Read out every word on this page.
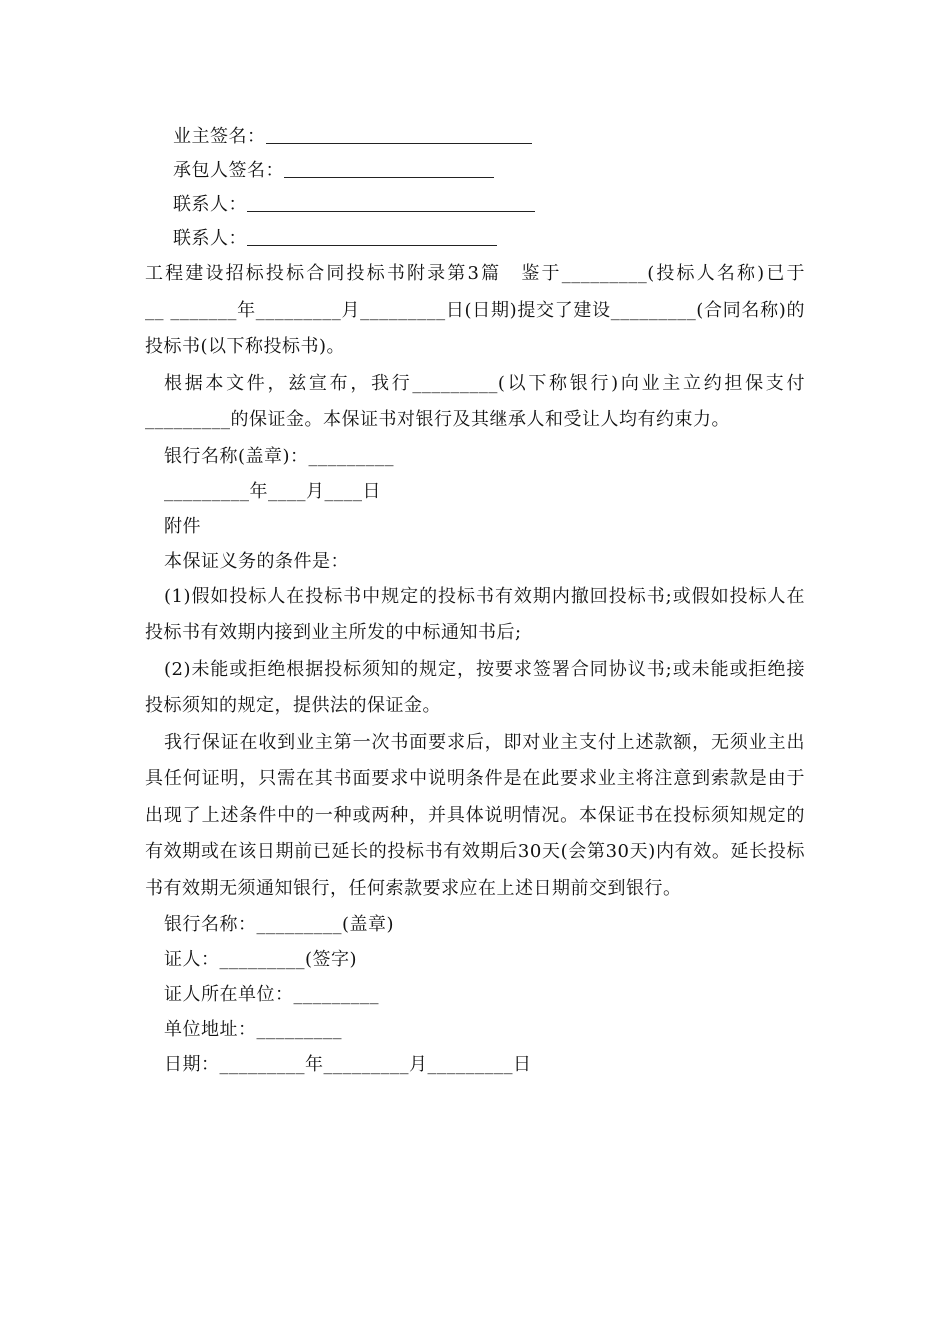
业主签名：
承包人签名：
联系人：
联系人：

工程建设招标投标合同投标书附录第3篇　鉴于_________(投标人名称)已于__ _______年_________月_________日(日期)提交了建设_________(合同名称)的投标书(以下称投标书)。

根据本文件，兹宣布，我行_________(以下称银行)向业主立约担保支付_________的保证金。本保证书对银行及其继承人和受让人均有约束力。

银行名称(盖章)：_________
_________年____月____日
附件
本保证义务的条件是：

(1)假如投标人在投标书中规定的投标书有效期内撤回投标书;或假如投标人在投标书有效期内接到业主所发的中标通知书后;

(2)未能或拒绝根据投标须知的规定，按要求签署合同协议书;或未能或拒绝接投标须知的规定，提供法的保证金。

我行保证在收到业主第一次书面要求后，即对业主支付上述款额，无须业主出具任何证明，只需在其书面要求中说明条件是在此要求业主将注意到索款是由于出现了上述条件中的一种或两种，并具体说明情况。本保证书在投标须知规定的有效期或在该日期前已延长的投标书有效期后30天(会第30天)内有效。延长投标书有效期无须通知银行，任何索款要求应在上述日期前交到银行。

银行名称：_________(盖章)
证人：_________(签字)
证人所在单位：_________
单位地址：_________
日期：_________年_________月_________日
